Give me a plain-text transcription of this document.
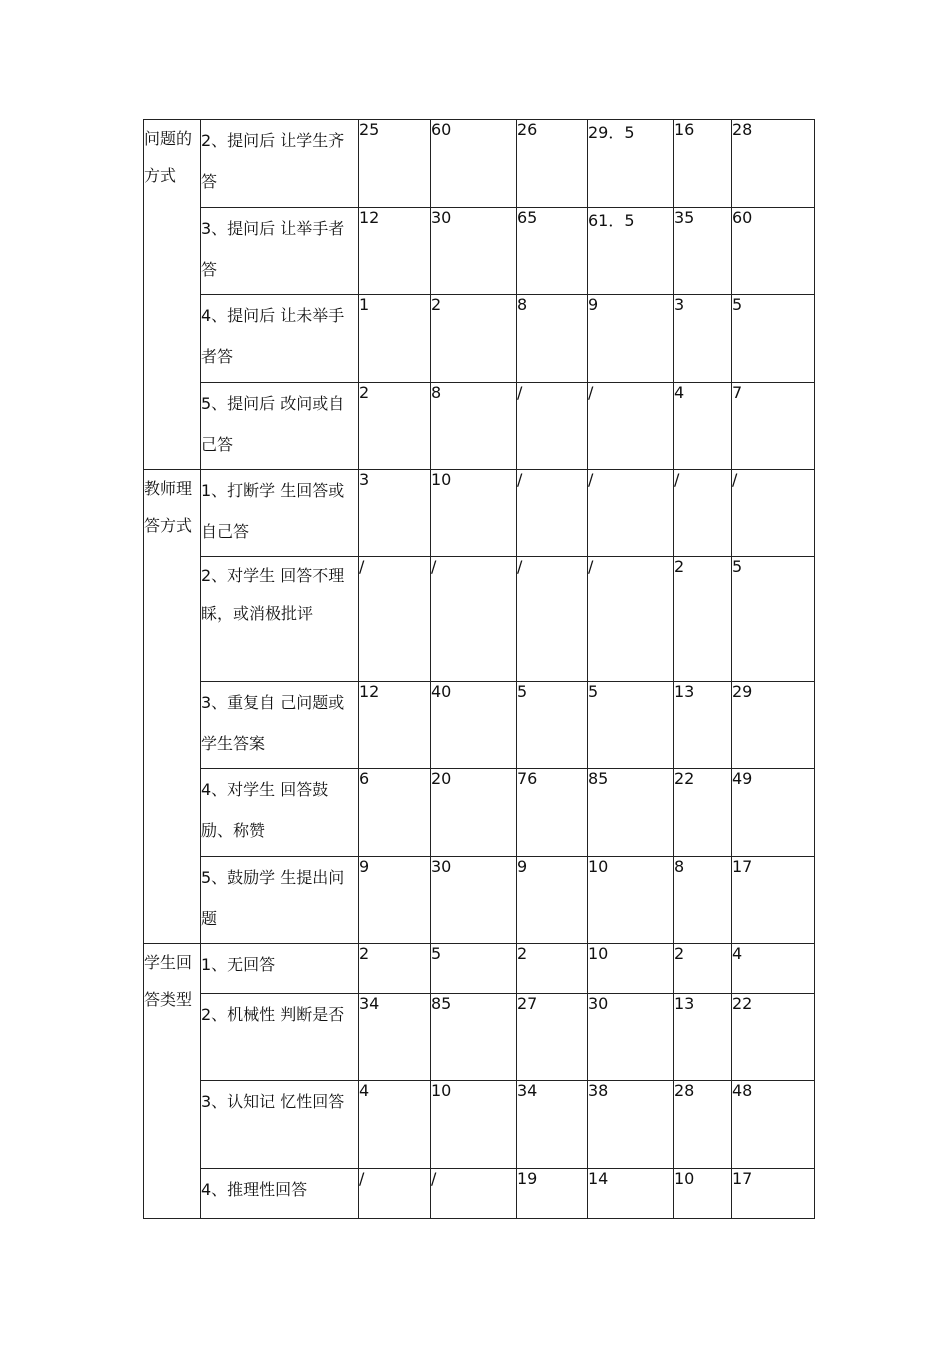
问题的方式	2、提问后 让学生齐答	25	60	26	29．5	16	28
	3、提问后 让举手者答	12	30	65	61．5	35	60
	4、提问后 让未举手者答	1	2	8	9	3	5
	5、提问后 改问或自己答	2	8	/	/	4	7
教师理答方式	1、打断学 生回答或自己答	3	10	/	/	/	/
	2、对学生 回答不理睬，或消极批评	/	/	/	/	2	5
	3、重复自 己问题或学生答案	12	40	5	5	13	29
	4、对学生 回答鼓励、称赞	6	20	76	85	22	49
	5、鼓励学 生提出问题	9	30	9	10	8	17
学生回答类型	1、无回答	2	5	2	10	2	4
	2、机械性 判断是否	34	85	27	30	13	22
	3、认知记 忆性回答	4	10	34	38	28	48
	4、推理性回答	/	/	19	14	10	17
